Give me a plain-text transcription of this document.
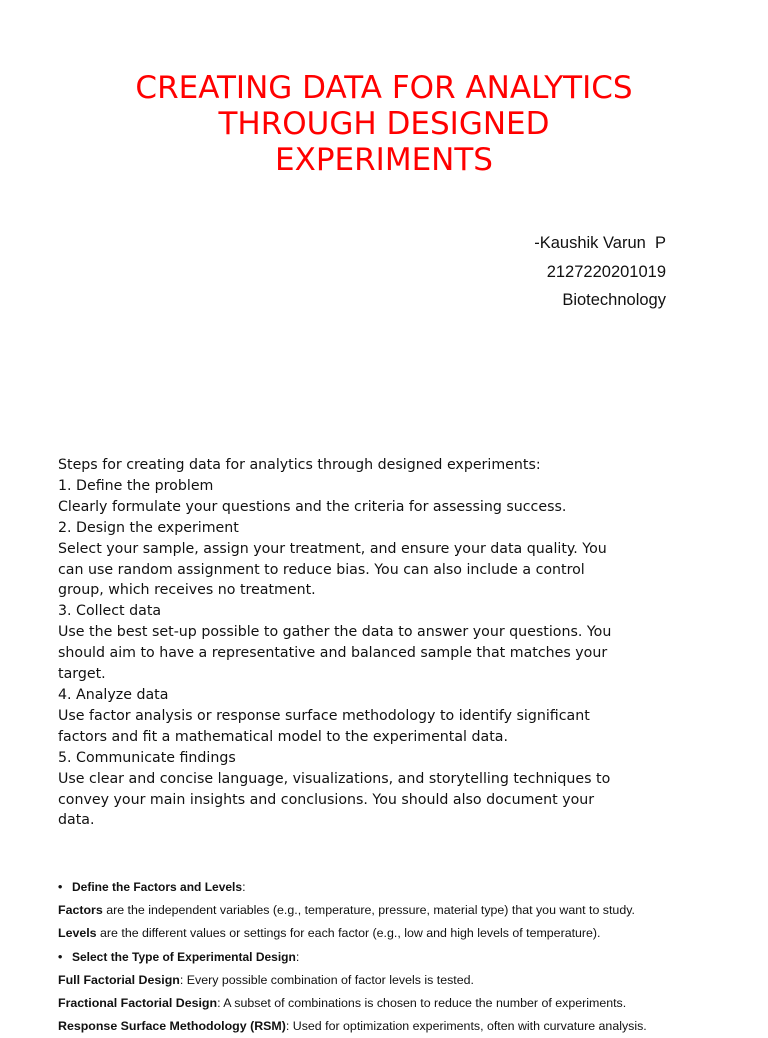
CREATING DATA FOR ANALYTICS
THROUGH DESIGNED
EXPERIMENTS
-Kaushik Varun  P
2127220201019
Biotechnology
Steps for creating data for analytics through designed experiments:
1. Define the problem
Clearly formulate your questions and the criteria for assessing success.
2. Design the experiment
Select your sample, assign your treatment, and ensure your data quality. You
can use random assignment to reduce bias. You can also include a control
group, which receives no treatment.
3. Collect data
Use the best set-up possible to gather the data to answer your questions. You
should aim to have a representative and balanced sample that matches your
target.
4. Analyze data
Use factor analysis or response surface methodology to identify significant
factors and fit a mathematical model to the experimental data.
5. Communicate findings
Use clear and concise language, visualizations, and storytelling techniques to
convey your main insights and conclusions. You should also document your
data.
• Define the Factors and Levels:
Factors are the independent variables (e.g., temperature, pressure, material type) that you want to study.
Levels are the different values or settings for each factor (e.g., low and high levels of temperature).
• Select the Type of Experimental Design:
Full Factorial Design: Every possible combination of factor levels is tested.
Fractional Factorial Design: A subset of combinations is chosen to reduce the number of experiments.
Response Surface Methodology (RSM): Used for optimization experiments, often with curvature analysis.
